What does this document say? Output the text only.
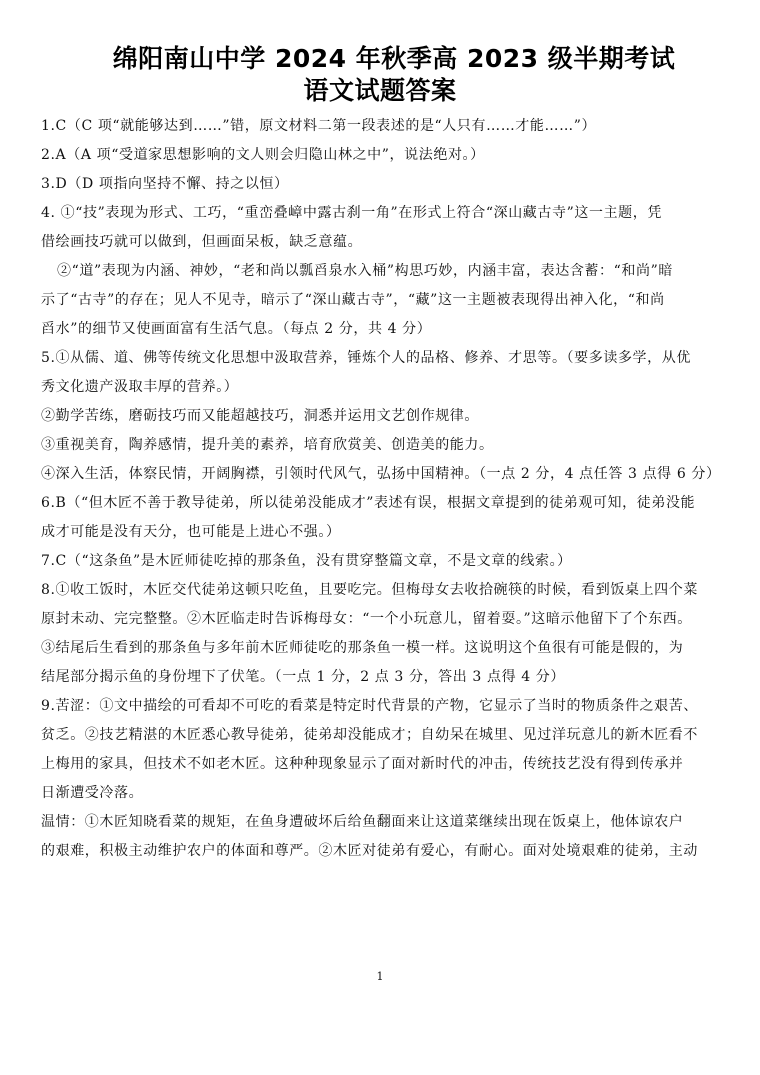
绵阳南山中学 2024 年秋季高 2023 级半期考试
语文试题答案
1.C（C 项“就能够达到……”错，原文材料二第一段表述的是“人只有……才能……”）
2.A（A 项“受道家思想影响的文人则会归隐山林之中”，说法绝对。）
3.D（D 项指向坚持不懈、持之以恒）
4. ①“技”表现为形式、工巧，“重峦叠嶂中露古刹一角”在形式上符合“深山藏古寺”这一主题，凭
借绘画技巧就可以做到，但画面呆板，缺乏意蕴。
②“道”表现为内涵、神妙，“老和尚以瓢舀泉水入桶”构思巧妙，内涵丰富，表达含蓄：“和尚”暗
示了“古寺”的存在；见人不见寺，暗示了“深山藏古寺”，“藏”这一主题被表现得出神入化，“和尚
舀水”的细节又使画面富有生活气息。（每点 2 分，共 4 分）
5.①从儒、道、佛等传统文化思想中汲取营养，锤炼个人的品格、修养、才思等。（要多读多学，从优
秀文化遗产汲取丰厚的营养。）
②勤学苦练，磨砺技巧而又能超越技巧，洞悉并运用文艺创作规律。
③重视美育，陶养感情，提升美的素养，培育欣赏美、创造美的能力。
④深入生活，体察民情，开阔胸襟，引领时代风气，弘扬中国精神。（一点 2 分，4 点任答 3 点得 6 分）
6.B（“但木匠不善于教导徒弟，所以徒弟没能成才”表述有误，根据文章提到的徒弟观可知，徒弟没能
成才可能是没有天分，也可能是上进心不强。）
7.C（“这条鱼”是木匠师徒吃掉的那条鱼，没有贯穿整篇文章，不是文章的线索。）
8.①收工饭时，木匠交代徒弟这顿只吃鱼，且要吃完。但梅母女去收拾碗筷的时候，看到饭桌上四个菜
原封未动、完完整整。②木匠临走时告诉梅母女：“一个小玩意儿，留着耍。”这暗示他留下了个东西。
③结尾后生看到的那条鱼与多年前木匠师徒吃的那条鱼一模一样。这说明这个鱼很有可能是假的，为
结尾部分揭示鱼的身份埋下了伏笔。（一点 1 分，2 点 3 分，答出 3 点得 4 分）
9.苦涩：①文中描绘的可看却不可吃的看菜是特定时代背景的产物，它显示了当时的物质条件之艰苦、
贫乏。②技艺精湛的木匠悉心教导徒弟，徒弟却没能成才；自幼呆在城里、见过洋玩意儿的新木匠看不
上梅用的家具，但技术不如老木匠。这种种现象显示了面对新时代的冲击，传统技艺没有得到传承并
日渐遭受冷落。
温情：①木匠知晓看菜的规矩，在鱼身遭破坏后给鱼翻面来让这道菜继续出现在饭桌上，他体谅农户
的艰难，积极主动维护农户的体面和尊严。②木匠对徒弟有爱心，有耐心。面对处境艰难的徒弟，主动
1
